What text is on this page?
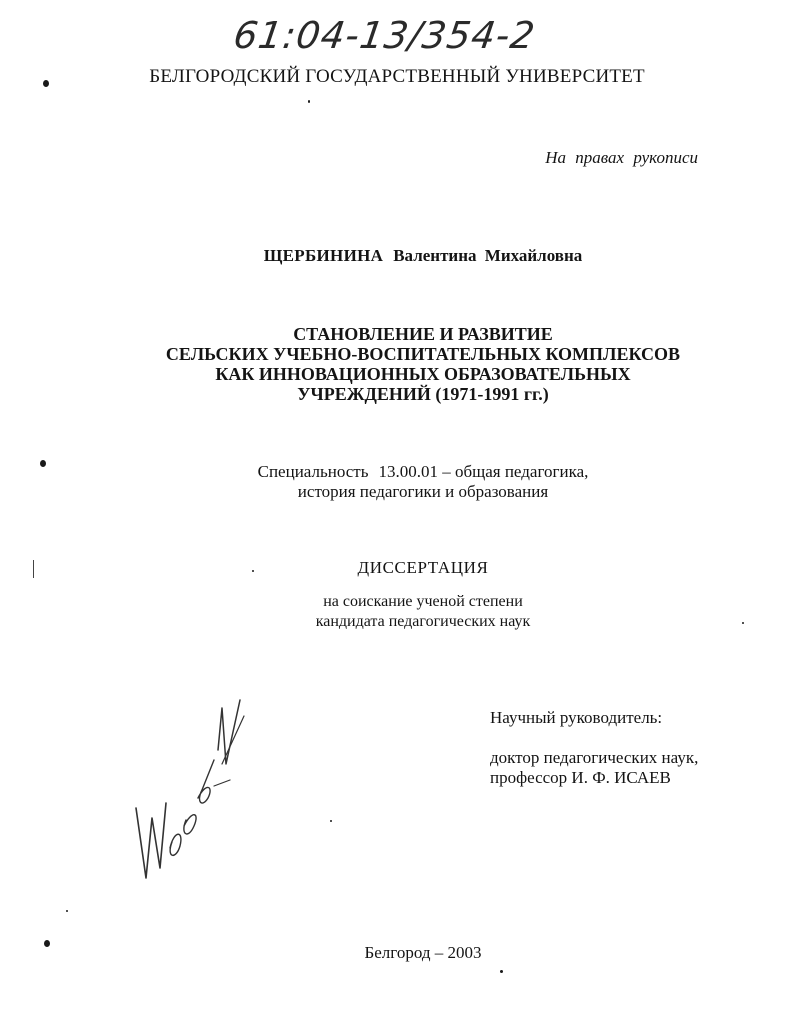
61:04-13/354-2
БЕЛГОРОДСКИЙ ГОСУДАРСТВЕННЫЙ УНИВЕРСИТЕТ
На правах рукописи
ЩЕРБИНИНА Валентина Михайловна
СТАНОВЛЕНИЕ И РАЗВИТИЕ
СЕЛЬСКИХ УЧЕБНО-ВОСПИТАТЕЛЬНЫХ КОМПЛЕКСОВ
КАК ИННОВАЦИОННЫХ ОБРАЗОВАТЕЛЬНЫХ
УЧРЕЖДЕНИЙ (1971-1991 гг.)
Специальность 13.00.01 – общая педагогика,
история педагогики и образования
ДИССЕРТАЦИЯ
на соискание ученой степени
кандидата педагогических наук
Научный руководитель:
доктор педагогических наук,
профессор И. Ф. ИСАЕВ
Белгород – 2003
